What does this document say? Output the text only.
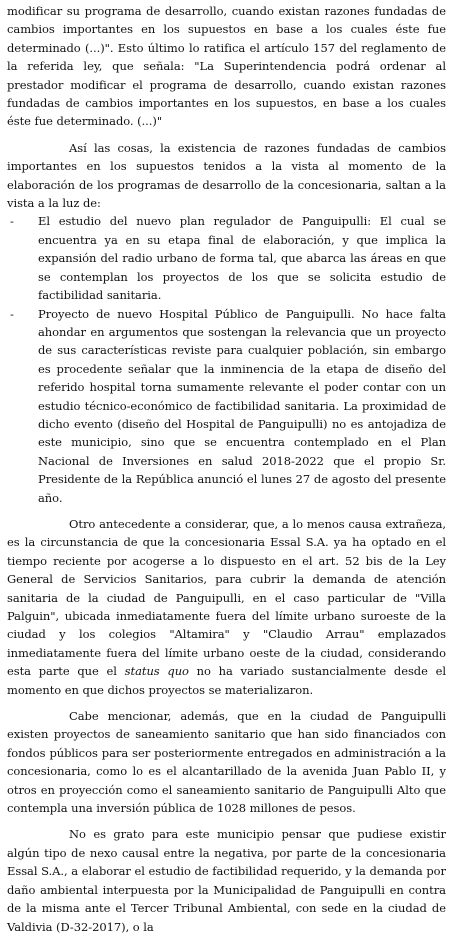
modificar su programa de desarrollo, cuando existan razones fundadas de cambios importantes en los supuestos en base a los cuales éste fue determinado (...)". Esto último lo ratifica el artículo 157 del reglamento de la referida ley, que señala: "La Superintendencia podrá ordenar al prestador modificar el programa de desarrollo, cuando existan razones fundadas de cambios importantes en los supuestos, en base a los cuales éste fue determinado. (...)"

Así las cosas, la existencia de razones fundadas de cambios importantes en los supuestos tenidos a la vista al momento de la elaboración de los programas de desarrollo de la concesionaria, saltan a la vista a la luz de:

- El estudio del nuevo plan regulador de Panguipulli: El cual se encuentra ya en su etapa final de elaboración, y que implica la expansión del radio urbano de forma tal, que abarca las áreas en que se contemplan los proyectos de los que se solicita estudio de factibilidad sanitaria.
- Proyecto de nuevo Hospital Público de Panguipulli. No hace falta ahondar en argumentos que sostengan la relevancia que un proyecto de sus características reviste para cualquier población, sin embargo es procedente señalar que la inminencia de la etapa de diseño del referido hospital torna sumamente relevante el poder contar con un estudio técnico-económico de factibilidad sanitaria. La proximidad de dicho evento (diseño del Hospital de Panguipulli) no es antojadiza de este municipio, sino que se encuentra contemplado en el Plan Nacional de Inversiones en salud 2018-2022 que el propio Sr. Presidente de la República anunció el lunes 27 de agosto del presente año.

Otro antecedente a considerar, que, a lo menos causa extrañeza, es la circunstancia de que la concesionaria Essal S.A. ya ha optado en el tiempo reciente por acogerse a lo dispuesto en el art. 52 bis de la Ley General de Servicios Sanitarios, para cubrir la demanda de atención sanitaria de la ciudad de Panguipulli, en el caso particular de "Villa Palguin", ubicada inmediatamente fuera del límite urbano suroeste de la ciudad y los colegios "Altamira" y "Claudio Arrau" emplazados inmediatamente fuera del límite urbano oeste de la ciudad, considerando esta parte que el status quo no ha variado sustancialmente desde el momento en que dichos proyectos se materializaron.

Cabe mencionar, además, que en la ciudad de Panguipulli existen proyectos de saneamiento sanitario que han sido financiados con fondos públicos para ser posteriormente entregados en administración a la concesionaria, como lo es el alcantarillado de la avenida Juan Pablo II, y otros en proyección como el saneamiento sanitario de Panguipulli Alto que contempla una inversión pública de 1028 millones de pesos.

No es grato para este municipio pensar que pudiese existir algún tipo de nexo causal entre la negativa, por parte de la concesionaria Essal S.A., a elaborar el estudio de factibilidad requerido, y la demanda por daño ambiental interpuesta por la Municipalidad de Panguipulli en contra de la misma ante el Tercer Tribunal Ambiental, con sede en la ciudad de Valdivia (D-32-2017), o la
